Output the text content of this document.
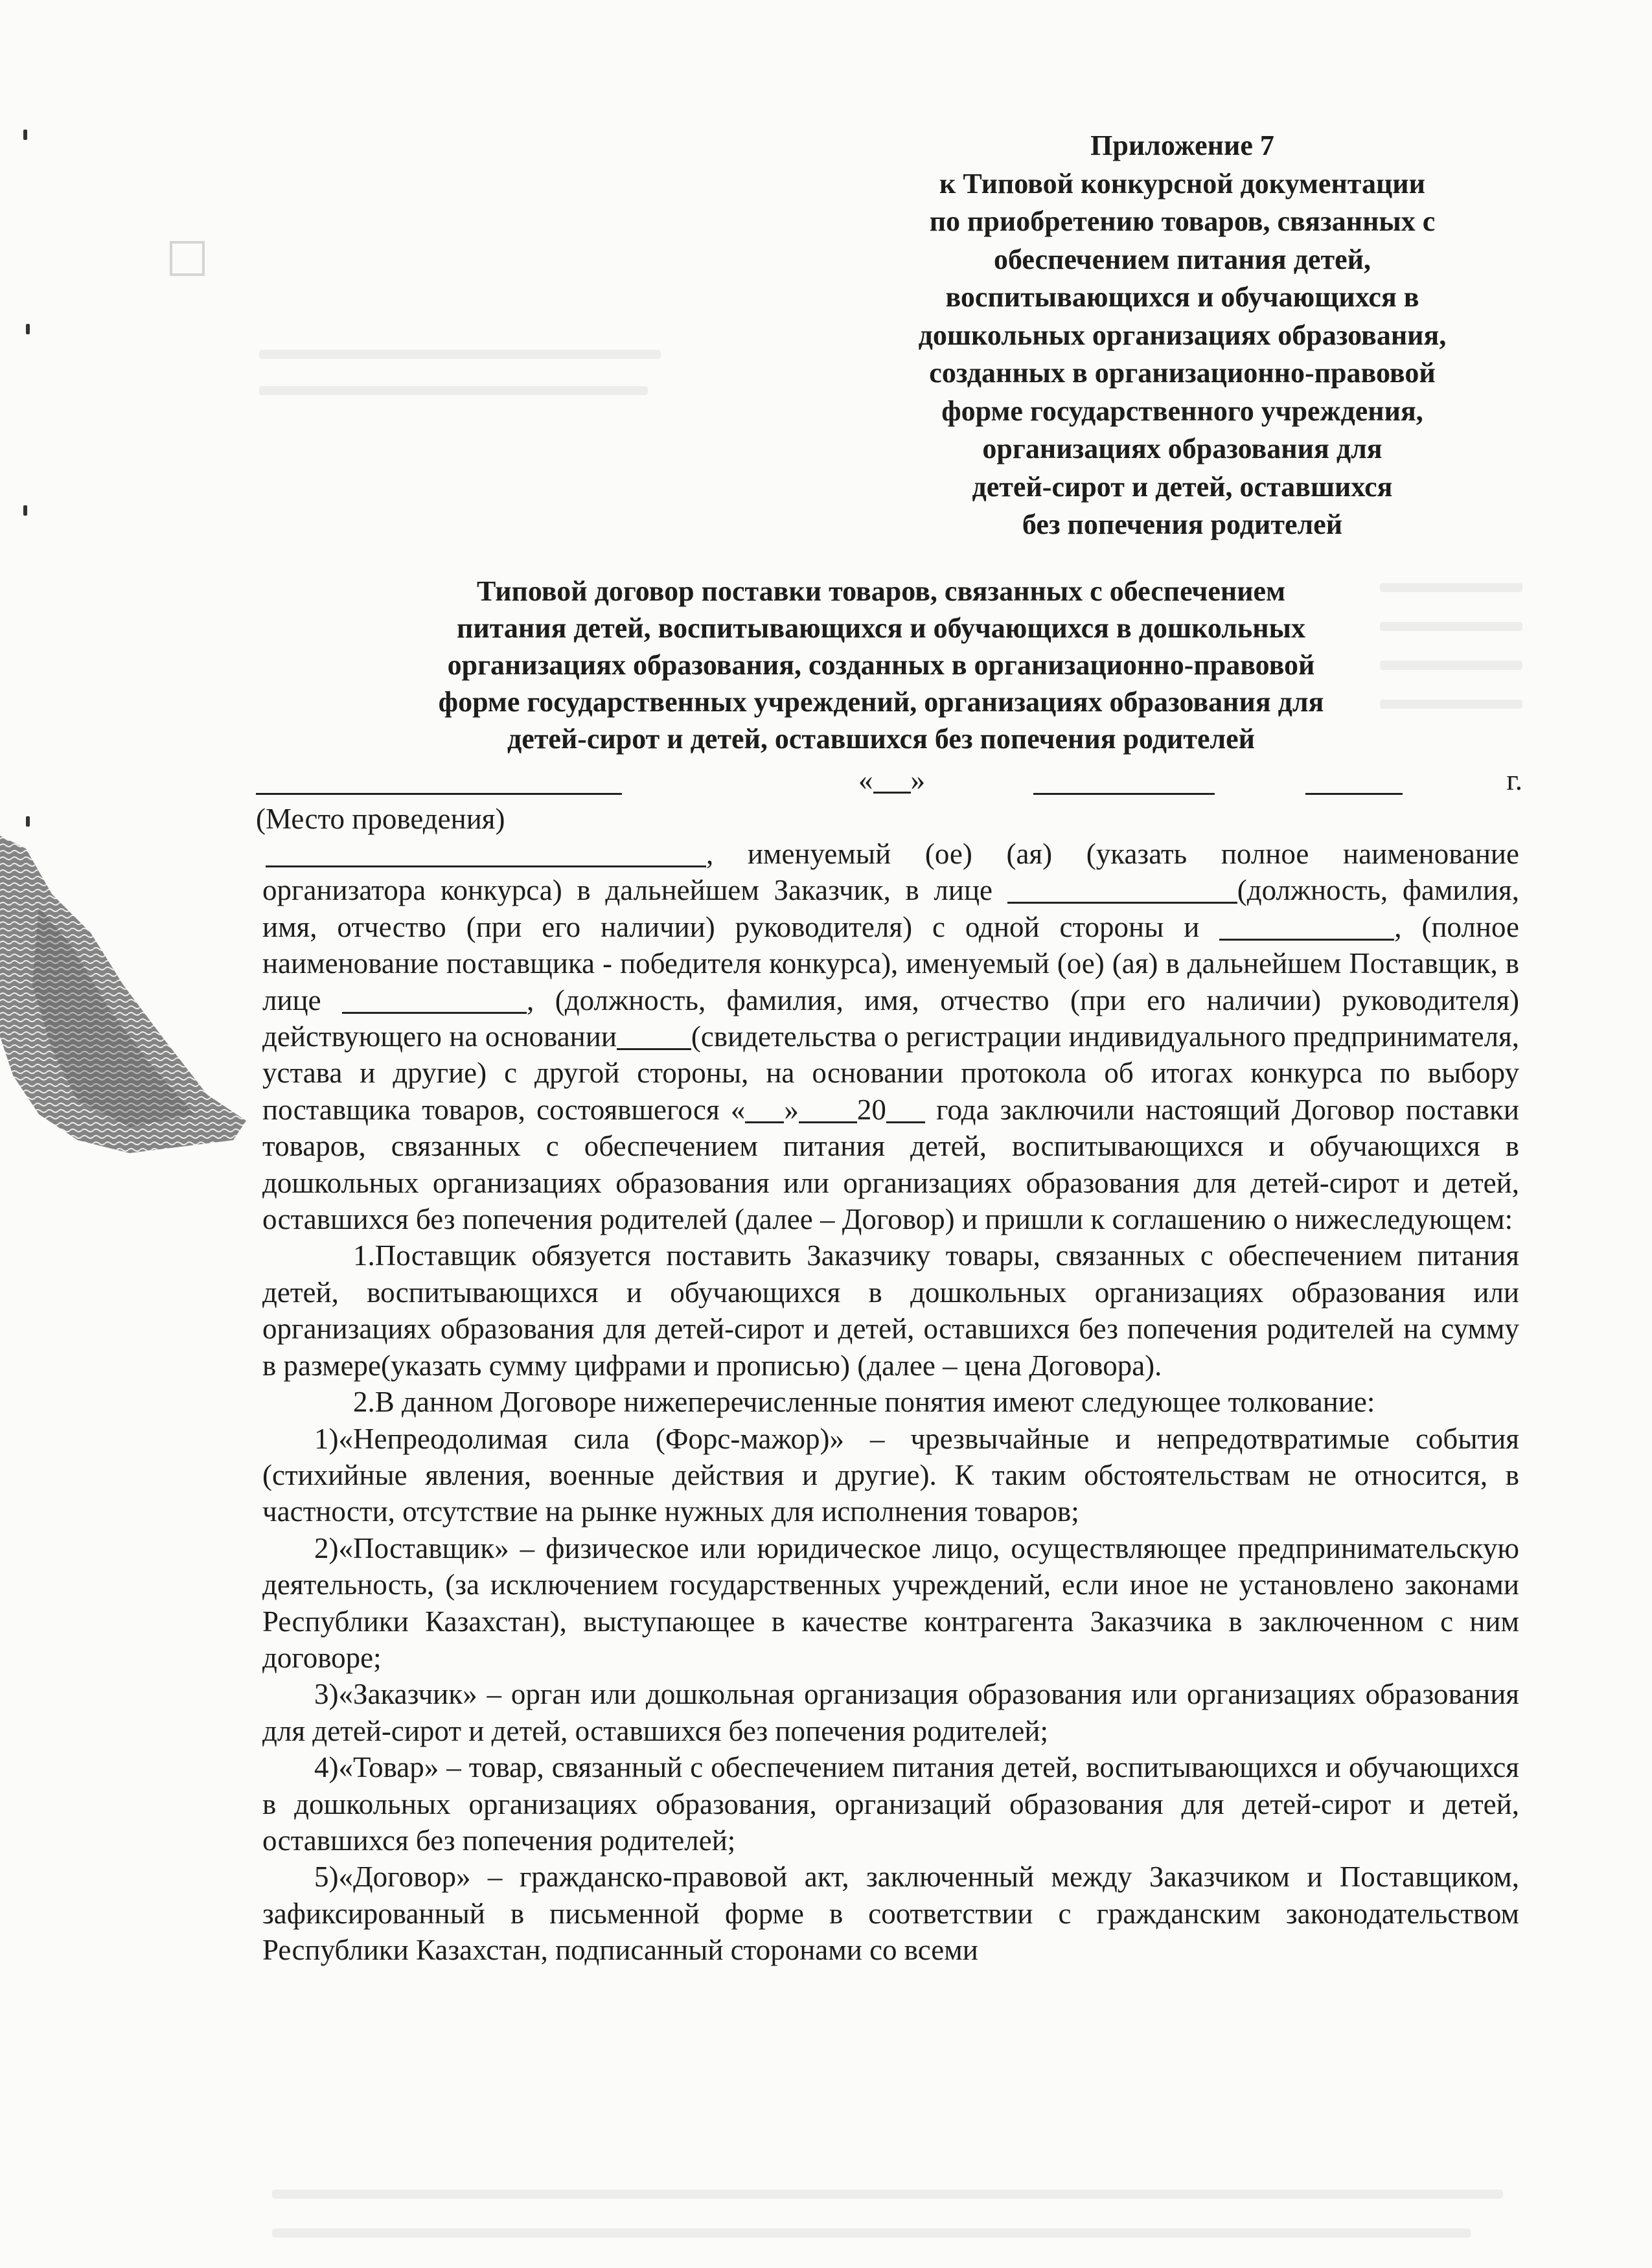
Приложение 7
к Типовой конкурсной документации
по приобретению товаров, связанных с
обеспечением питания детей,
воспитывающихся и обучающихся в
дошкольных организациях образования,
созданных в организационно-правовой
форме государственного учреждения,
организациях образования для
детей-сирот и детей, оставшихся
без попечения родителей
Типовой договор поставки товаров, связанных с обеспечением
питания детей, воспитывающихся и обучающихся в дошкольных
организациях образования, созданных в организационно-правовой
форме государственных учреждений, организациях образования для
детей-сирот и детей, оставшихся без попечения родителей
« »	г.
(Место проведения)

, именуемый (ое) (ая) (указать полное наименование организатора конкурса) в дальнейшем Заказчик, в лице	(должность, фамилия, имя, отчество (при его наличии) руководителя) с одной стороны и	, (полное наименование поставщика - победителя конкурса), именуемый (ое) (ая) в дальнейшем Поставщик, в лице	, (должность, фамилия, имя, отчество (при его наличии) руководителя) действующего на основании	(свидетельства о регистрации индивидуального предпринимателя, устава и другие) с другой стороны, на основании протокола об итогах конкурса по выбору поставщика товаров, состоявшегося « » 20 года заключили настоящий Договор поставки товаров, связанных с обеспечением питания детей, воспитывающихся и обучающихся в дошкольных организациях образования или организациях образования для детей-сирот и детей, оставшихся без попечения родителей (далее – Договор) и пришли к соглашению о нижеследующем:

1.Поставщик обязуется поставить Заказчику товары, связанных с обеспечением питания детей, воспитывающихся и обучающихся в дошкольных организациях образования или организациях образования для детей-сирот и детей, оставшихся без попечения родителей на сумму в размере(указать сумму цифрами и прописью) (далее – цена Договора).

2.В данном Договоре нижеперечисленные понятия имеют следующее толкование:

1)«Непреодолимая сила (Форс-мажор)» – чрезвычайные и непредотвратимые события (стихийные явления, военные действия и другие). К таким обстоятельствам не относится, в частности, отсутствие на рынке нужных для исполнения товаров;

2)«Поставщик» – физическое или юридическое лицо, осуществляющее предпринимательскую деятельность, (за исключением государственных учреждений, если иное не установлено законами Республики Казахстан), выступающее в качестве контрагента Заказчика в заключенном с ним договоре;

3)«Заказчик» – орган или дошкольная организация образования или организациях образования для детей-сирот и детей, оставшихся без попечения родителей;

4)«Товар» – товар, связанный с обеспечением питания детей, воспитывающихся и обучающихся в дошкольных организациях образования, организаций образования для детей-сирот и детей, оставшихся без попечения родителей;

5)«Договор» – гражданско-правовой акт, заключенный между Заказчиком и Поставщиком, зафиксированный в письменной форме в соответствии с гражданским законодательством Республики Казахстан, подписанный сторонами со всеми
